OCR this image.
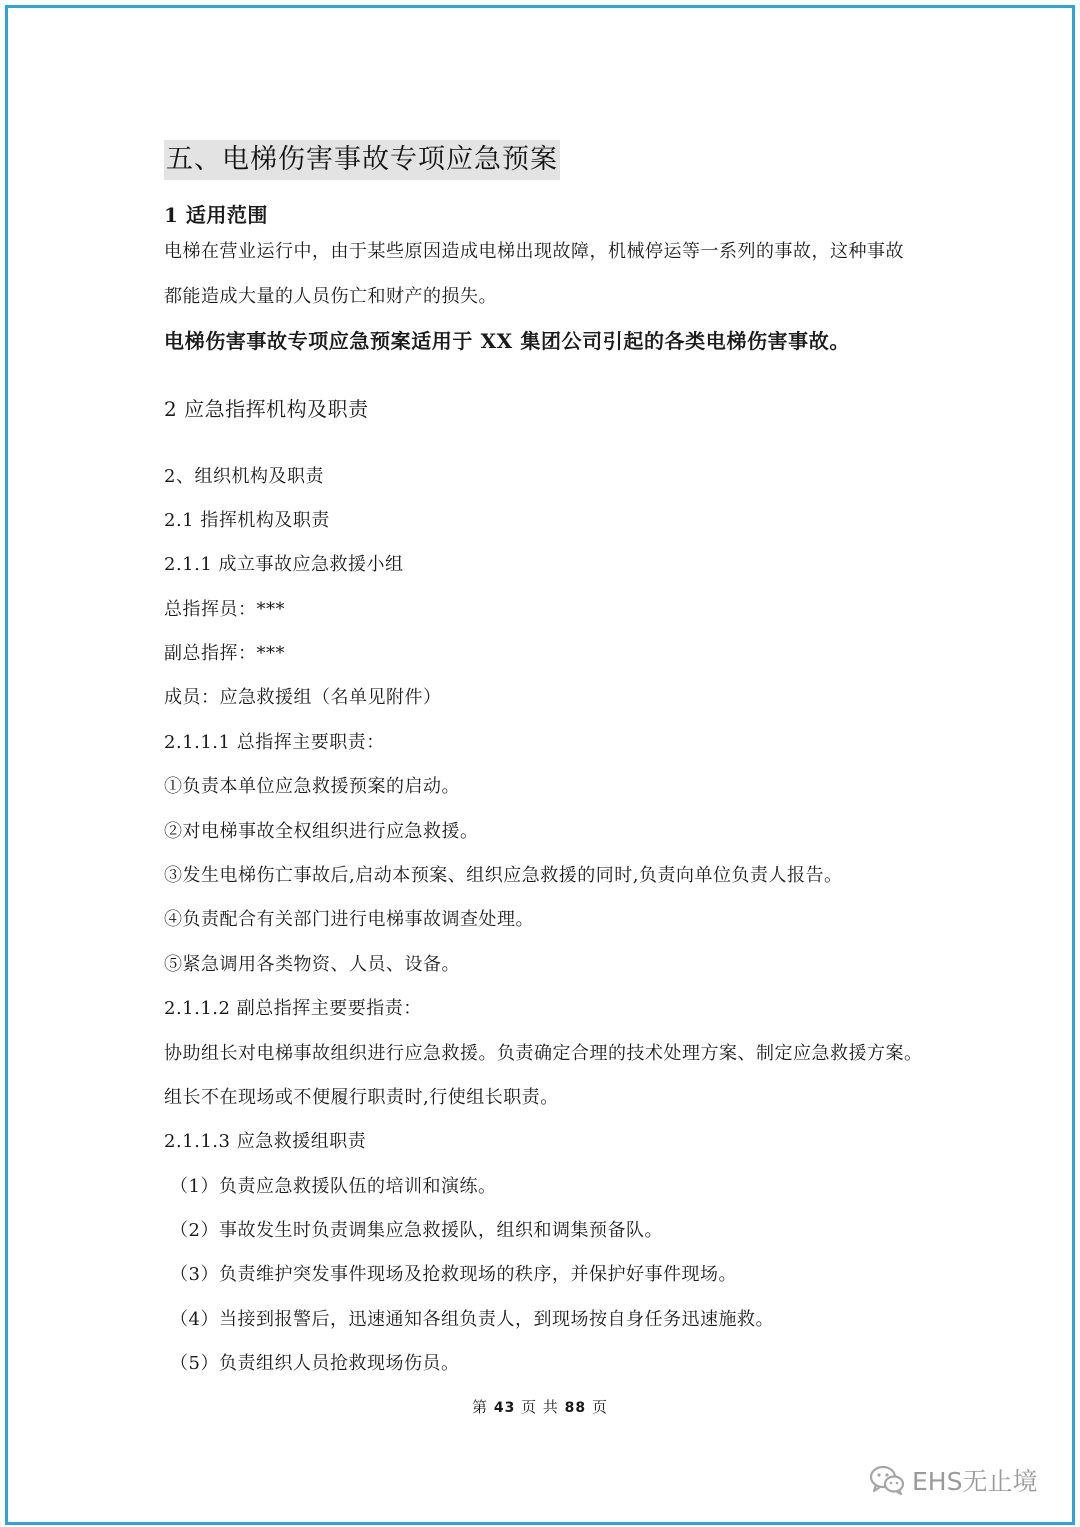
五、电梯伤害事故专项应急预案
1 适用范围
电梯在营业运行中，由于某些原因造成电梯出现故障，机械停运等一系列的事故，这种事故
都能造成大量的人员伤亡和财产的损失。
电梯伤害事故专项应急预案适用于 XX 集团公司引起的各类电梯伤害事故。
2 应急指挥机构及职责
2、组织机构及职责
2.1 指挥机构及职责
2.1.1 成立事故应急救援小组
总指挥员：***
副总指挥：***
成员：应急救援组（名单见附件）
2.1.1.1 总指挥主要职责：
①负责本单位应急救援预案的启动。
②对电梯事故全权组织进行应急救援。
③发生电梯伤亡事故后,启动本预案、组织应急救援的同时,负责向单位负责人报告。
④负责配合有关部门进行电梯事故调查处理。
⑤紧急调用各类物资、人员、设备。
2.1.1.2 副总指挥主要要指责：
协助组长对电梯事故组织进行应急救援。负责确定合理的技术处理方案、制定应急救援方案。
组长不在现场或不便履行职责时,行使组长职责。
2.1.1.3 应急救援组职责
（1）负责应急救援队伍的培训和演练。
（2）事故发生时负责调集应急救援队，组织和调集预备队。
（3）负责维护突发事件现场及抢救现场的秩序，并保护好事件现场。
（4）当接到报警后，迅速通知各组负责人，到现场按自身任务迅速施救。
（5）负责组织人员抢救现场伤员。
第 43 页 共 88 页
EHS无止境
